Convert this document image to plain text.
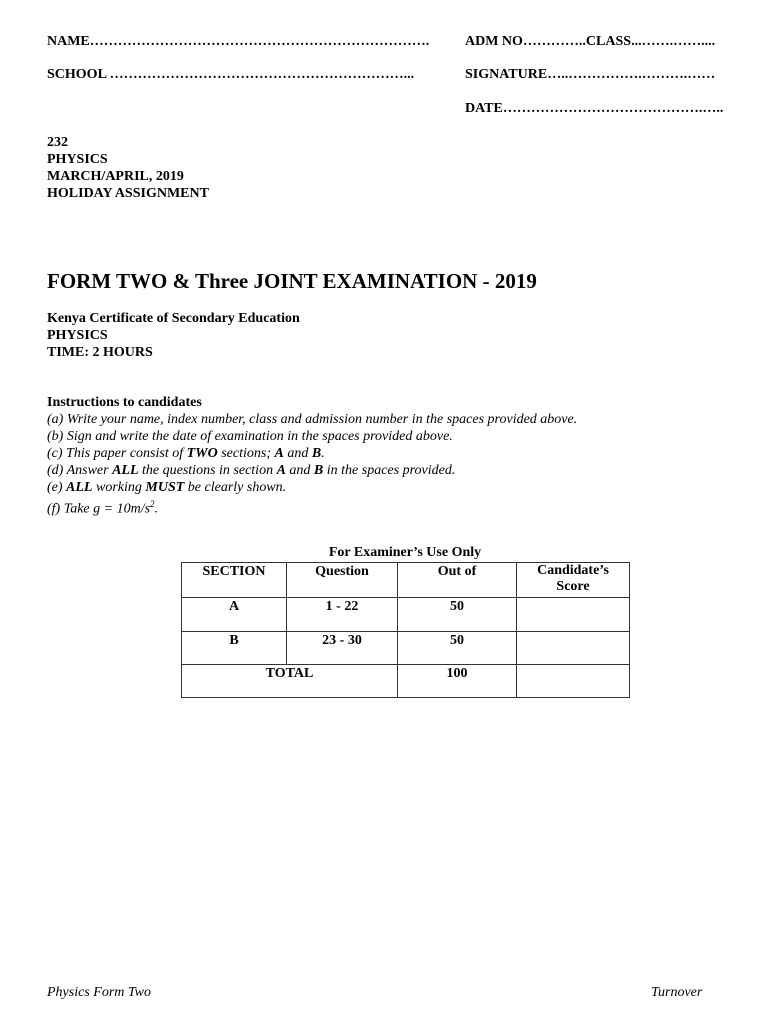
NAME……………………………………………………………….	ADM NO…………..CLASS...…….……....
SCHOOL ………………………………………………………...	SIGNATURE…..…………….……….……
DATE…………………………………….…..
232
PHYSICS
MARCH/APRIL, 2019
HOLIDAY ASSIGNMENT
FORM TWO & Three JOINT EXAMINATION - 2019
Kenya Certificate of Secondary Education
PHYSICS
TIME: 2 HOURS
Instructions to candidates
(a) Write your name, index number, class and admission number in the spaces provided above.
(b) Sign and write the date of examination in the spaces provided above.
(c) This paper consist of TWO sections; A and B.
(d) Answer ALL the questions in section A and B in the spaces provided.
(e) ALL working MUST be clearly shown.
(f) Take $g = 10m/s^2$.
For Examiner’s Use Only
SECTION	Question	Out of	Candidate’s Score
A	1 - 22	50	
B	23 - 30	50	
TOTAL		100	
Physics Form Two	Turnover
